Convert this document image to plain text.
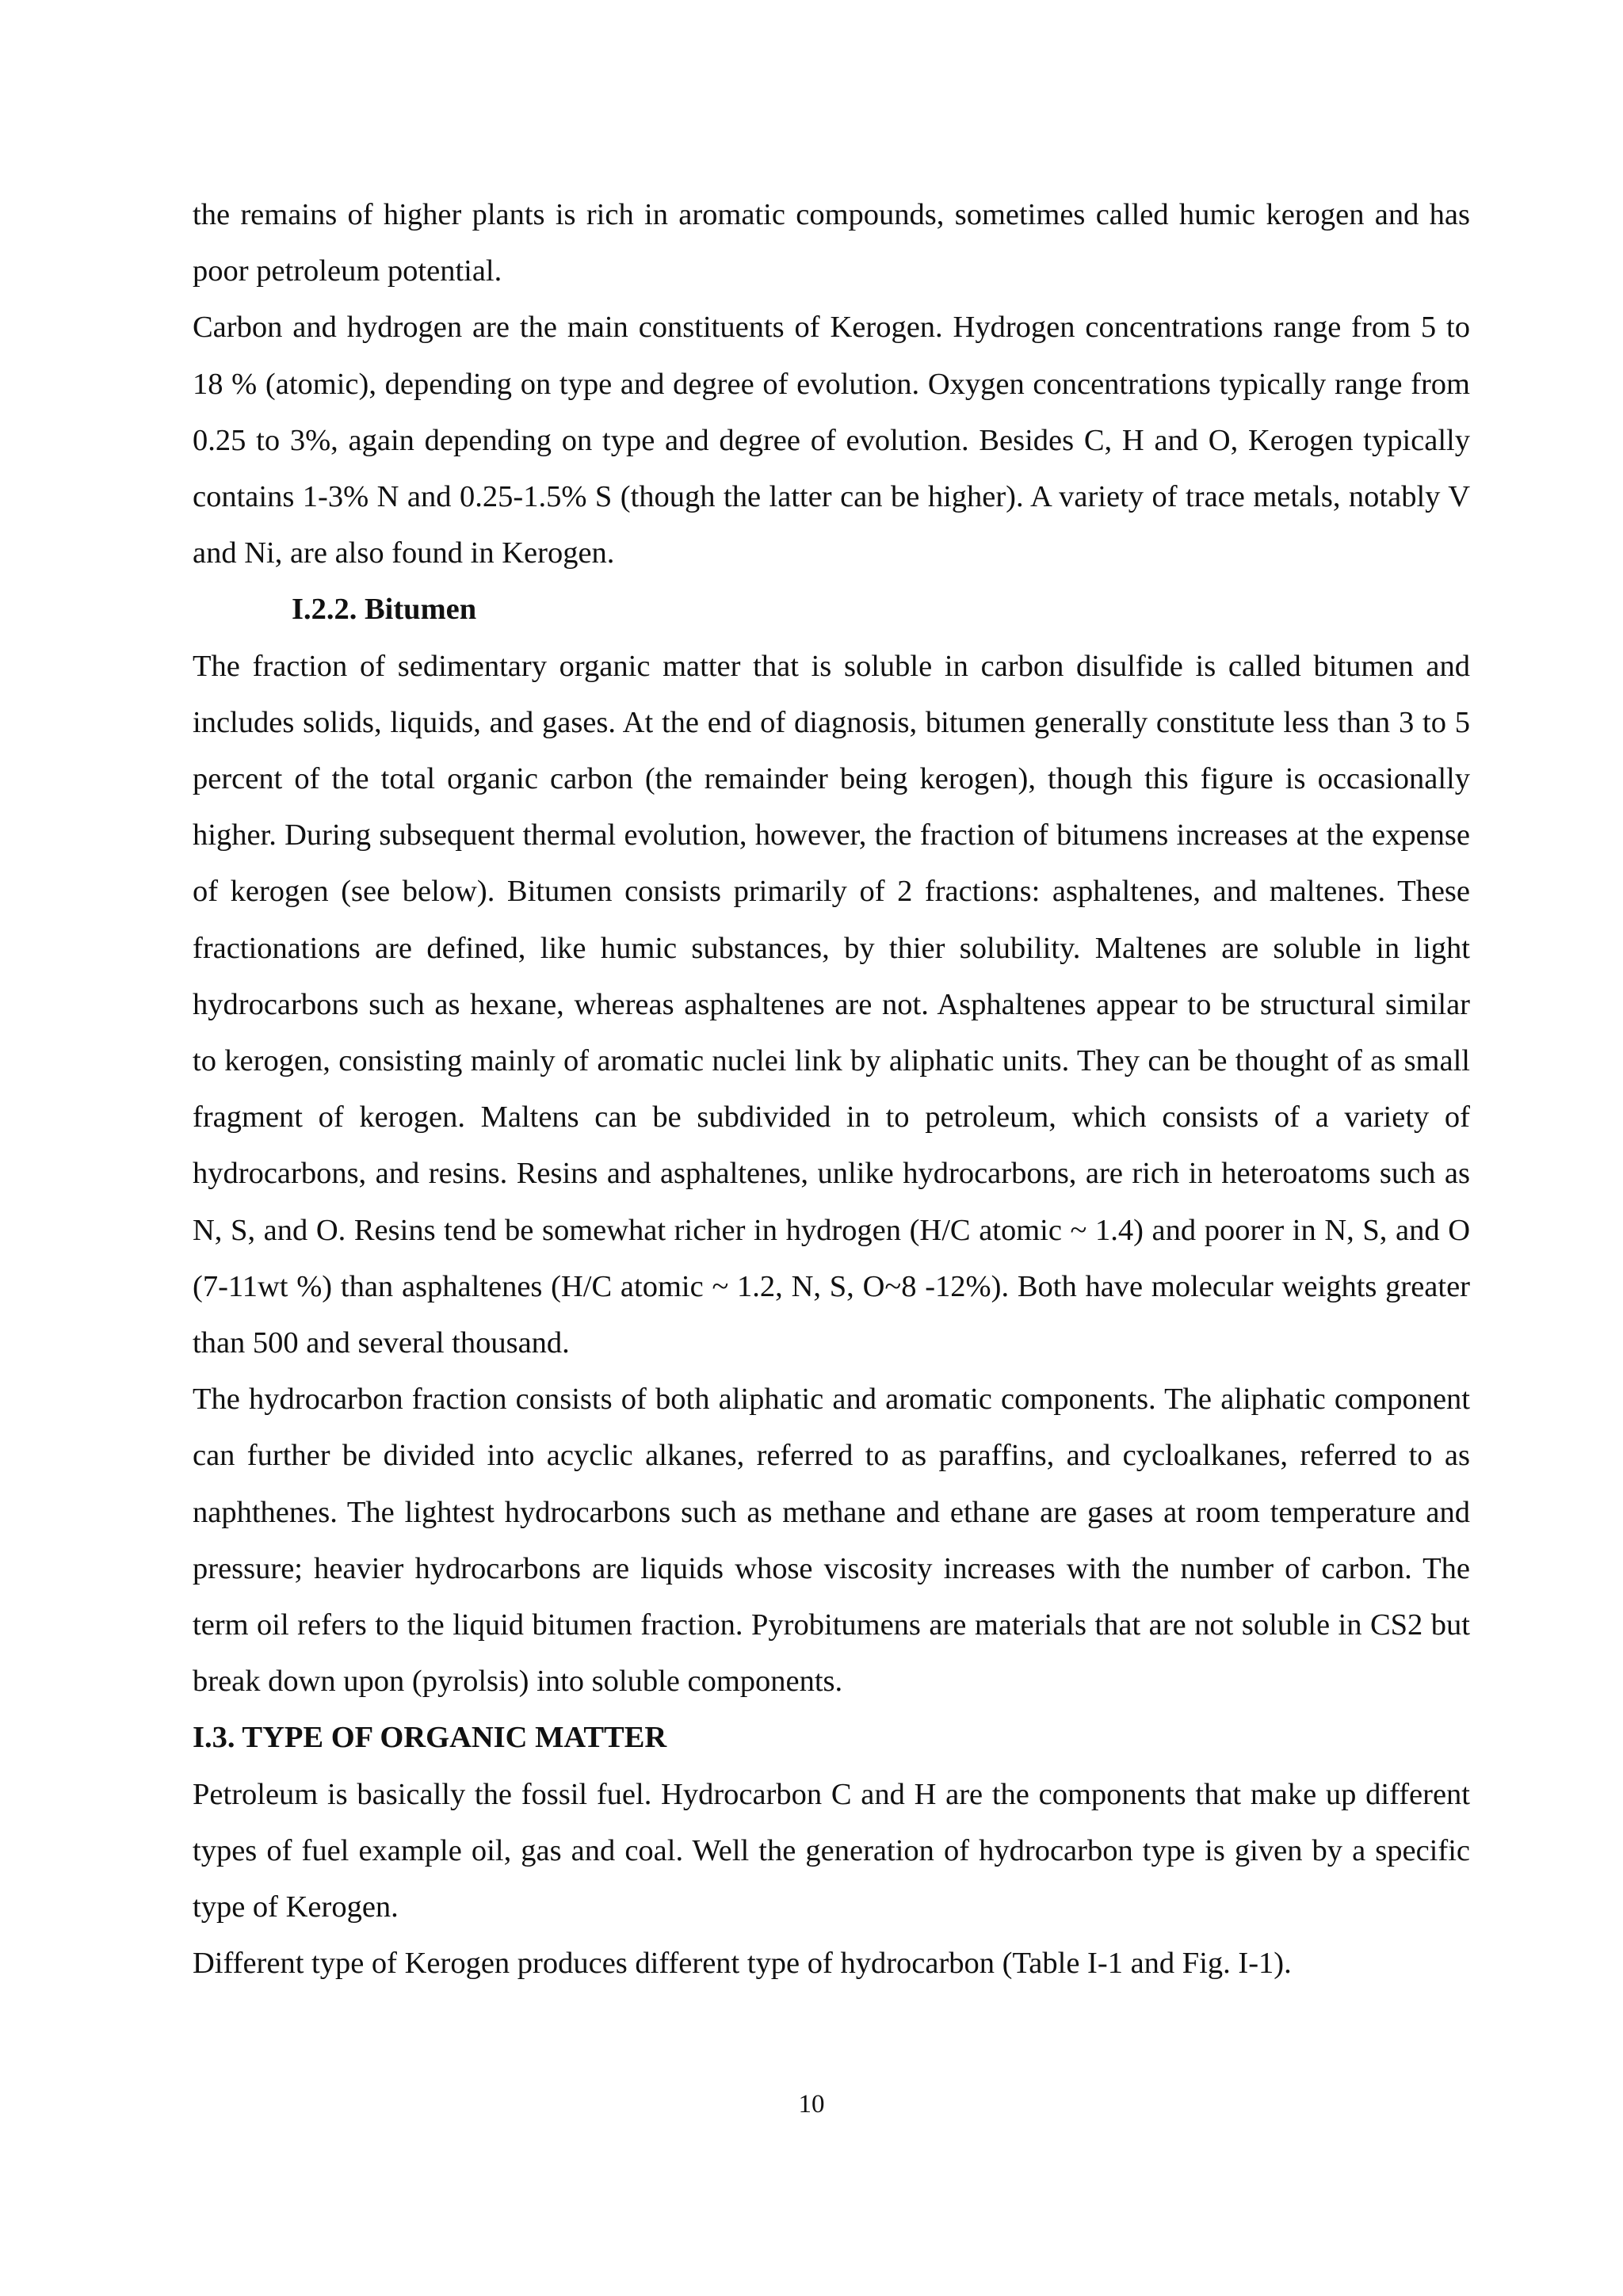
the remains of higher plants is rich in aromatic compounds, sometimes called humic kerogen and has poor petroleum potential.

Carbon and hydrogen are the main constituents of Kerogen. Hydrogen concentrations range from 5 to 18 % (atomic), depending on type and degree of evolution. Oxygen concentrations typically range from 0.25 to 3%, again depending on type and degree of evolution. Besides C, H and O, Kerogen typically contains 1-3% N and 0.25-1.5% S (though the latter can be higher). A variety of trace metals, notably V and Ni, are also found in Kerogen.

I.2.2. Bitumen

The fraction of sedimentary organic matter that is soluble in carbon disulfide is called bitumen and includes solids, liquids, and gases. At the end of diagnosis, bitumen generally constitute less than 3 to 5 percent of the total organic carbon (the remainder being kerogen), though this figure is occasionally higher. During subsequent thermal evolution, however, the fraction of bitumens increases at the expense of kerogen (see below). Bitumen consists primarily of 2 fractions: asphaltenes, and maltenes. These fractionations are defined, like humic substances, by thier solubility. Maltenes are soluble in light hydrocarbons such as hexane, whereas asphaltenes are not. Asphaltenes appear to be structural similar to kerogen, consisting mainly of aromatic nuclei link by aliphatic units. They can be thought of as small fragment of kerogen. Maltens can be subdivided in to petroleum, which consists of a variety of hydrocarbons, and resins. Resins and asphaltenes, unlike hydrocarbons, are rich in heteroatoms such as N, S, and O. Resins tend be somewhat richer in hydrogen (H/C atomic ~ 1.4) and poorer in N, S, and O (7-11wt %) than asphaltenes (H/C atomic ~ 1.2, N, S, O~8 -12%). Both have molecular weights greater than 500 and several thousand.

The hydrocarbon fraction consists of both aliphatic and aromatic components. The aliphatic component can further be divided into acyclic alkanes, referred to as paraffins, and cycloalkanes, referred to as naphthenes. The lightest hydrocarbons such as methane and ethane are gases at room temperature and pressure; heavier hydrocarbons are liquids whose viscosity increases with the number of carbon. The term oil refers to the liquid bitumen fraction. Pyrobitumens are materials that are not soluble in CS2 but break down upon (pyrolsis) into soluble components.

I.3. TYPE OF ORGANIC MATTER

Petroleum is basically the fossil fuel. Hydrocarbon C and H are the components that make up different types of fuel example oil, gas and coal. Well the generation of hydrocarbon type is given by a specific type of Kerogen.

Different type of Kerogen produces different type of hydrocarbon (Table I-1 and Fig. I-1).

10
